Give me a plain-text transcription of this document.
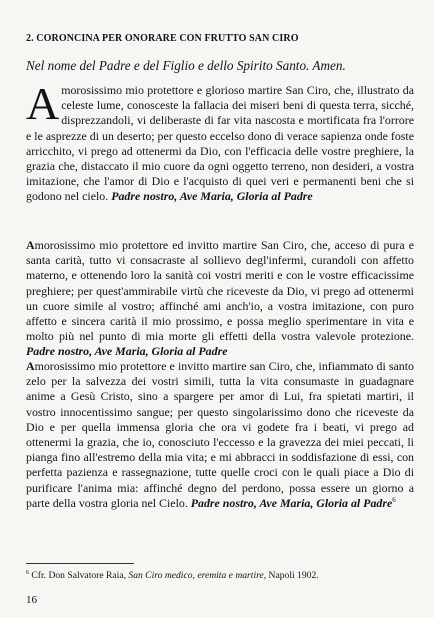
2. CORONCINA PER ONORARE CON FRUTTO SAN CIRO
Nel nome del Padre e del Figlio e dello Spirito Santo. Amen.
Amorosissimo mio protettore e glorioso martire San Ciro, che, illustrato da celeste lume, conosceste la fallacia dei miseri beni di questa terra, sicché, disprezzandoli, vi deliberaste di far vita nascosta e mortificata fra l'orrore e le asprezze di un deserto; per questo eccelso dono di verace sapienza onde foste arricchito, vi prego ad ottenermi da Dio, con l'efficacia delle vostre preghiere, la grazia che, distaccato il mio cuore da ogni oggetto terreno, non desideri, a vostra imitazione, che l'amor di Dio e l'acquisto di quei veri e permanenti beni che si godono nel cielo. Padre nostro, Ave Maria, Gloria al Padre
Amorosissimo mio protettore ed invitto martire San Ciro, che, acceso di pura e santa carità, tutto vi consacraste al sollievo degl'infermi, curandoli con affetto materno, e ottenendo loro la sanità coi vostri meriti e con le vostre efficacissime preghiere; per quest'ammirabile virtù che riceveste da Dio, vi prego ad ottenermi un cuore simile al vostro; affinché ami anch'io, a vostra imitazione, con puro affetto e sincera carità il mio prossimo, e possa meglio sperimentare in vita e molto più nel punto di mia morte gli effetti della vostra valevole protezione. Padre nostro, Ave Maria, Gloria al Padre
Amorosissimo mio protettore e invitto martire san Ciro, che, infiammato di santo zelo per la salvezza dei vostri simili, tutta la vita consumaste in guadagnare anime a Gesù Cristo, sino a spargere per amor di Lui, fra spietati martiri, il vostro innocentissimo sangue; per questo singolarissimo dono che riceveste da Dio e per quella immensa gloria che ora vi godete fra i beati, vi prego ad ottenermi la grazia, che io, conosciuto l'eccesso e la gravezza dei miei peccati, li pianga fino all'estremo della mia vita; e mi abbracci in soddisfazione di essi, con perfetta pazienza e rassegnazione, tutte quelle croci con le quali piace a Dio di purificare l'anima mia: affinché degno del perdono, possa essere un giorno a parte della vostra gloria nel Cielo. Padre nostro, Ave Maria, Gloria al Padre$^6$
$^6$ Cfr. Don Salvatore Raia, San Ciro medico, eremita e martire, Napoli 1902.
16
